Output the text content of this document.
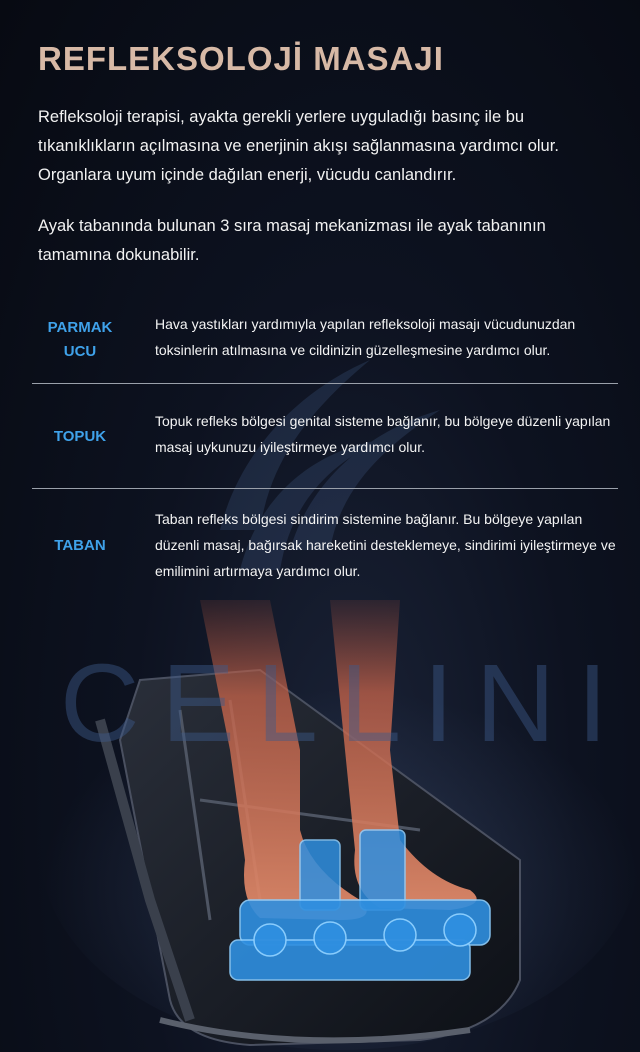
REFLEKSOLOJİ MASAJI
Refleksoloji terapisi, ayakta gerekli yerlere uyguladığı basınç ile bu tıkanıklıkların açılmasına ve enerjinin akışı sağlanmasına yardımcı olur. Organlara uyum içinde dağılan enerji, vücudu canlandırır.
Ayak tabanında bulunan 3 sıra masaj mekanizması ile ayak tabanının tamamına dokunabilir.
PARMAK UCU
Hava yastıkları yardımıyla yapılan refleksoloji masajı vücudunuzdan toksinlerin atılmasına ve cildinizin güzelleşmesine yardımcı olur.
TOPUK
Topuk refleks bölgesi genital sisteme bağlanır, bu bölgeye düzenli yapılan masaj uykunuzu iyileştirmeye yardımcı olur.
TABAN
Taban refleks bölgesi sindirim sistemine bağlanır. Bu bölgeye yapılan düzenli masaj, bağırsak hareketini desteklemeye, sindirimi iyileştirmeye ve emilimini artırmaya yardımcı olur.
CELLINI
